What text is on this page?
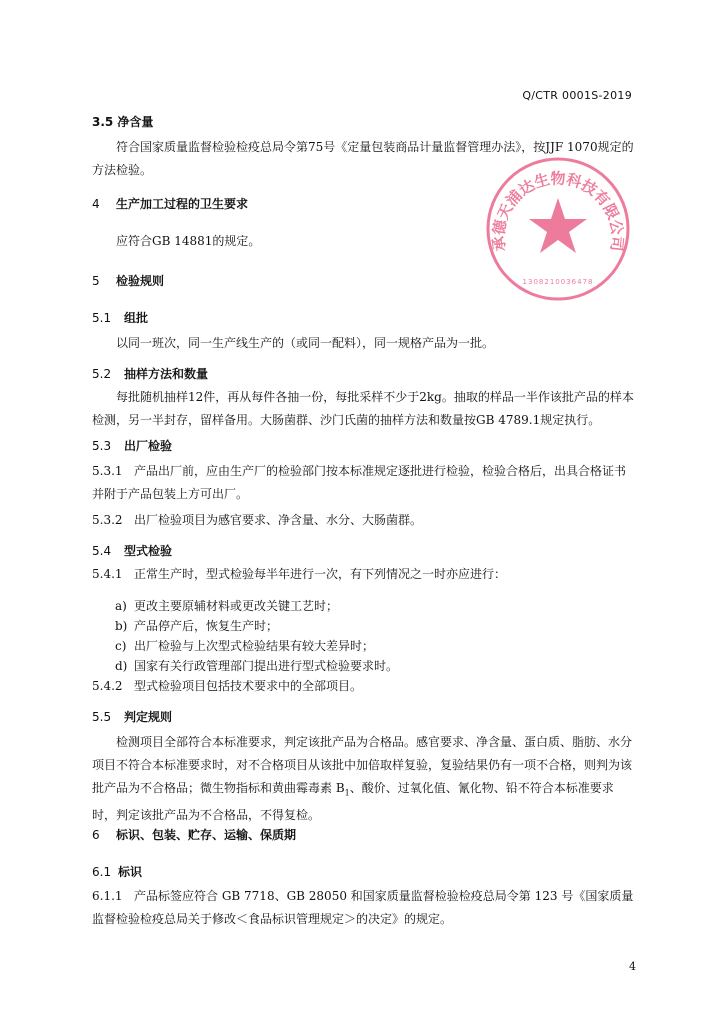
Q/CTR 0001S-2019
3.5 净含量
符合国家质量监督检验检疫总局令第75号《定量包装商品计量监督管理办法》，按JJF 1070规定的方法检验。
4 生产加工过程的卫生要求
应符合GB 14881的规定。
5 检验规则
5.1 组批
以同一班次，同一生产线生产的（或同一配料），同一规格产品为一批。
5.2 抽样方法和数量
每批随机抽样12件，再从每件各抽一份，每批采样不少于2kg。抽取的样品一半作该批产品的样本检测，另一半封存，留样备用。大肠菌群、沙门氏菌的抽样方法和数量按GB 4789.1规定执行。
5.3 出厂检验
5.3.1 产品出厂前，应由生产厂的检验部门按本标准规定逐批进行检验，检验合格后，出具合格证书并附于产品包装上方可出厂。
5.3.2 出厂检验项目为感官要求、净含量、水分、大肠菌群。
5.4 型式检验
5.4.1 正常生产时，型式检验每半年进行一次，有下列情况之一时亦应进行：
a) 更改主要原辅材料或更改关键工艺时；
b) 产品停产后，恢复生产时；
c) 出厂检验与上次型式检验结果有较大差异时；
d) 国家有关行政管理部门提出进行型式检验要求时。
5.4.2 型式检验项目包括技术要求中的全部项目。
5.5 判定规则
检测项目全部符合本标准要求，判定该批产品为合格品。感官要求、净含量、蛋白质、脂肪、水分项目不符合本标准要求时，对不合格项目从该批中加倍取样复验，复验结果仍有一项不合格，则判为该批产品为不合格品；微生物指标和黄曲霉毒素 $B_1$、酸价、过氧化值、氰化物、铅不符合本标准要求时，判定该批产品为不合格品，不得复检。
6 标识、包装、贮存、运输、保质期
6.1 标识
6.1.1 产品标签应符合 GB 7718、GB 28050 和国家质量监督检验检疫总局令第 123 号《国家质量监督检验检疫总局关于修改＜食品标识管理规定＞的决定》的规定。
4
承德天浦达生物科技有限公司
1308210036478
